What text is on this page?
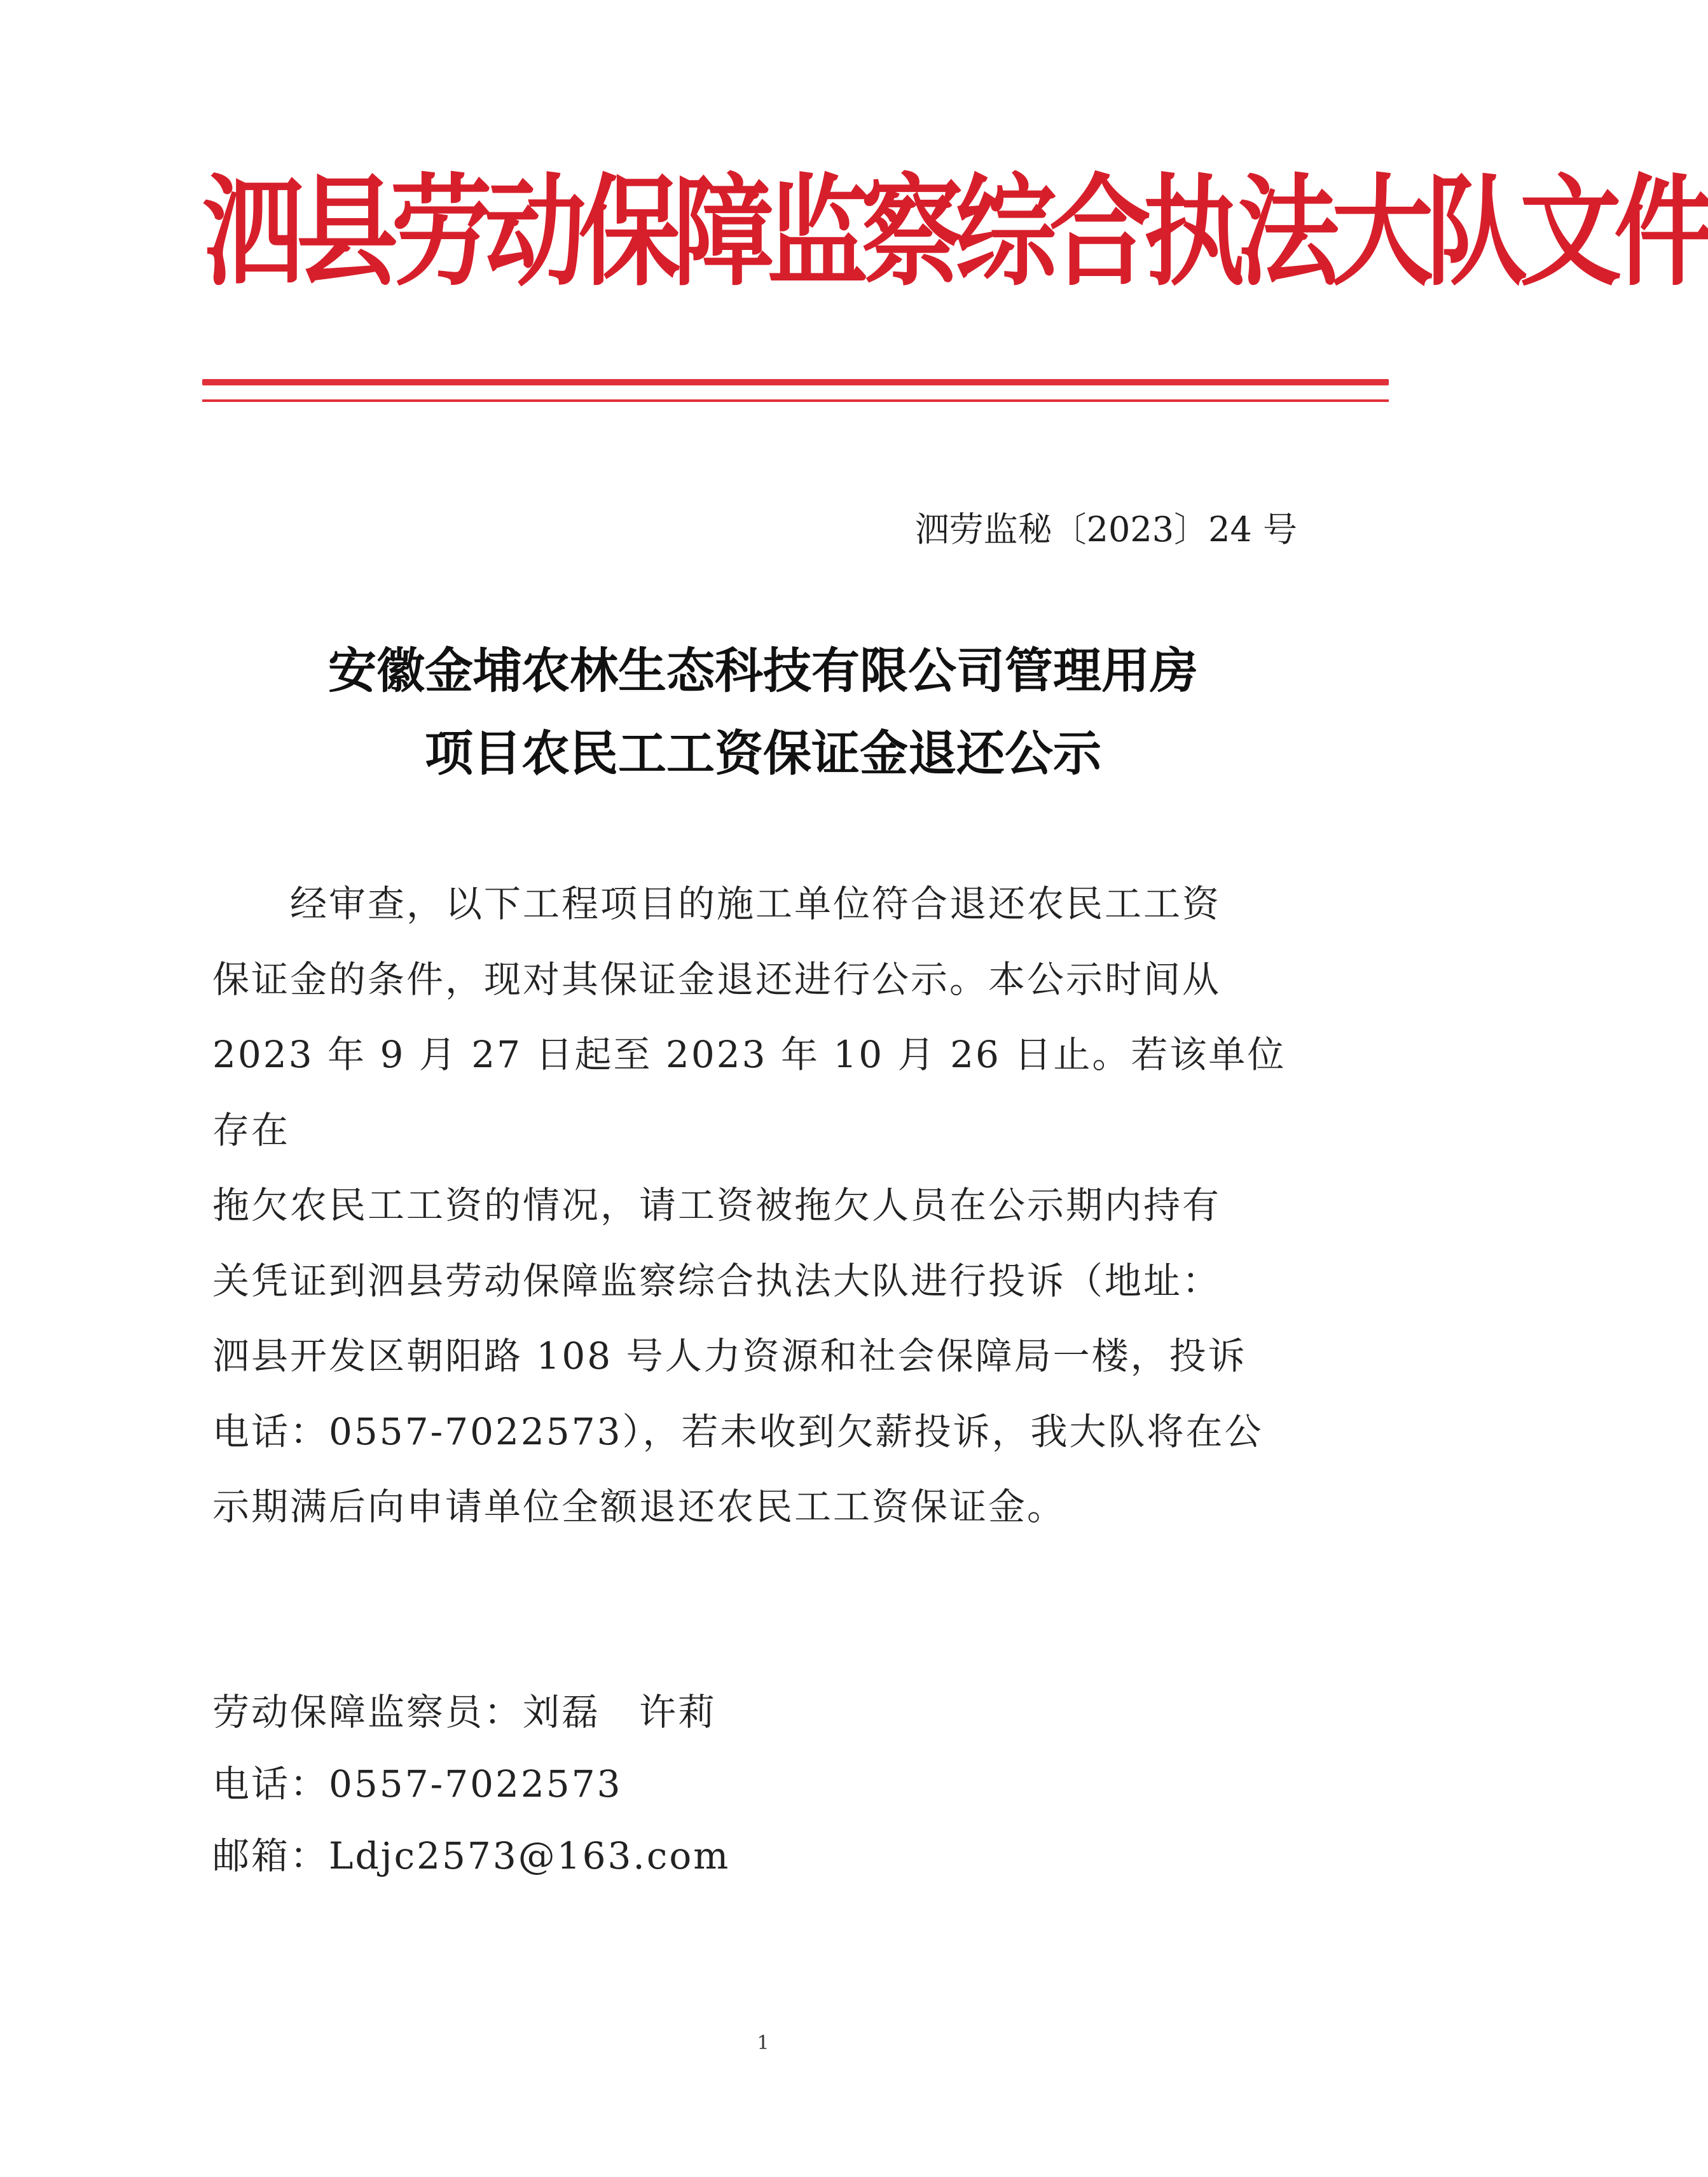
泗县劳动保障监察综合执法大队文件
泗劳监秘〔2023〕24 号
安徽金埔农林生态科技有限公司管理用房
项目农民工工资保证金退还公示
　　经审查，以下工程项目的施工单位符合退还农民工工资
保证金的条件，现对其保证金退还进行公示。本公示时间从
2023 年 9 月 27 日起至 2023 年 10 月 26 日止。若该单位存在
拖欠农民工工资的情况，请工资被拖欠人员在公示期内持有
关凭证到泗县劳动保障监察综合执法大队进行投诉（地址：
泗县开发区朝阳路 108 号人力资源和社会保障局一楼，投诉
电话：0557-7022573），若未收到欠薪投诉，我大队将在公
示期满后向申请单位全额退还农民工工资保证金。
劳动保障监察员：刘磊　许莉
电话：0557-7022573
邮箱：Ldjc2573@163.com
1
